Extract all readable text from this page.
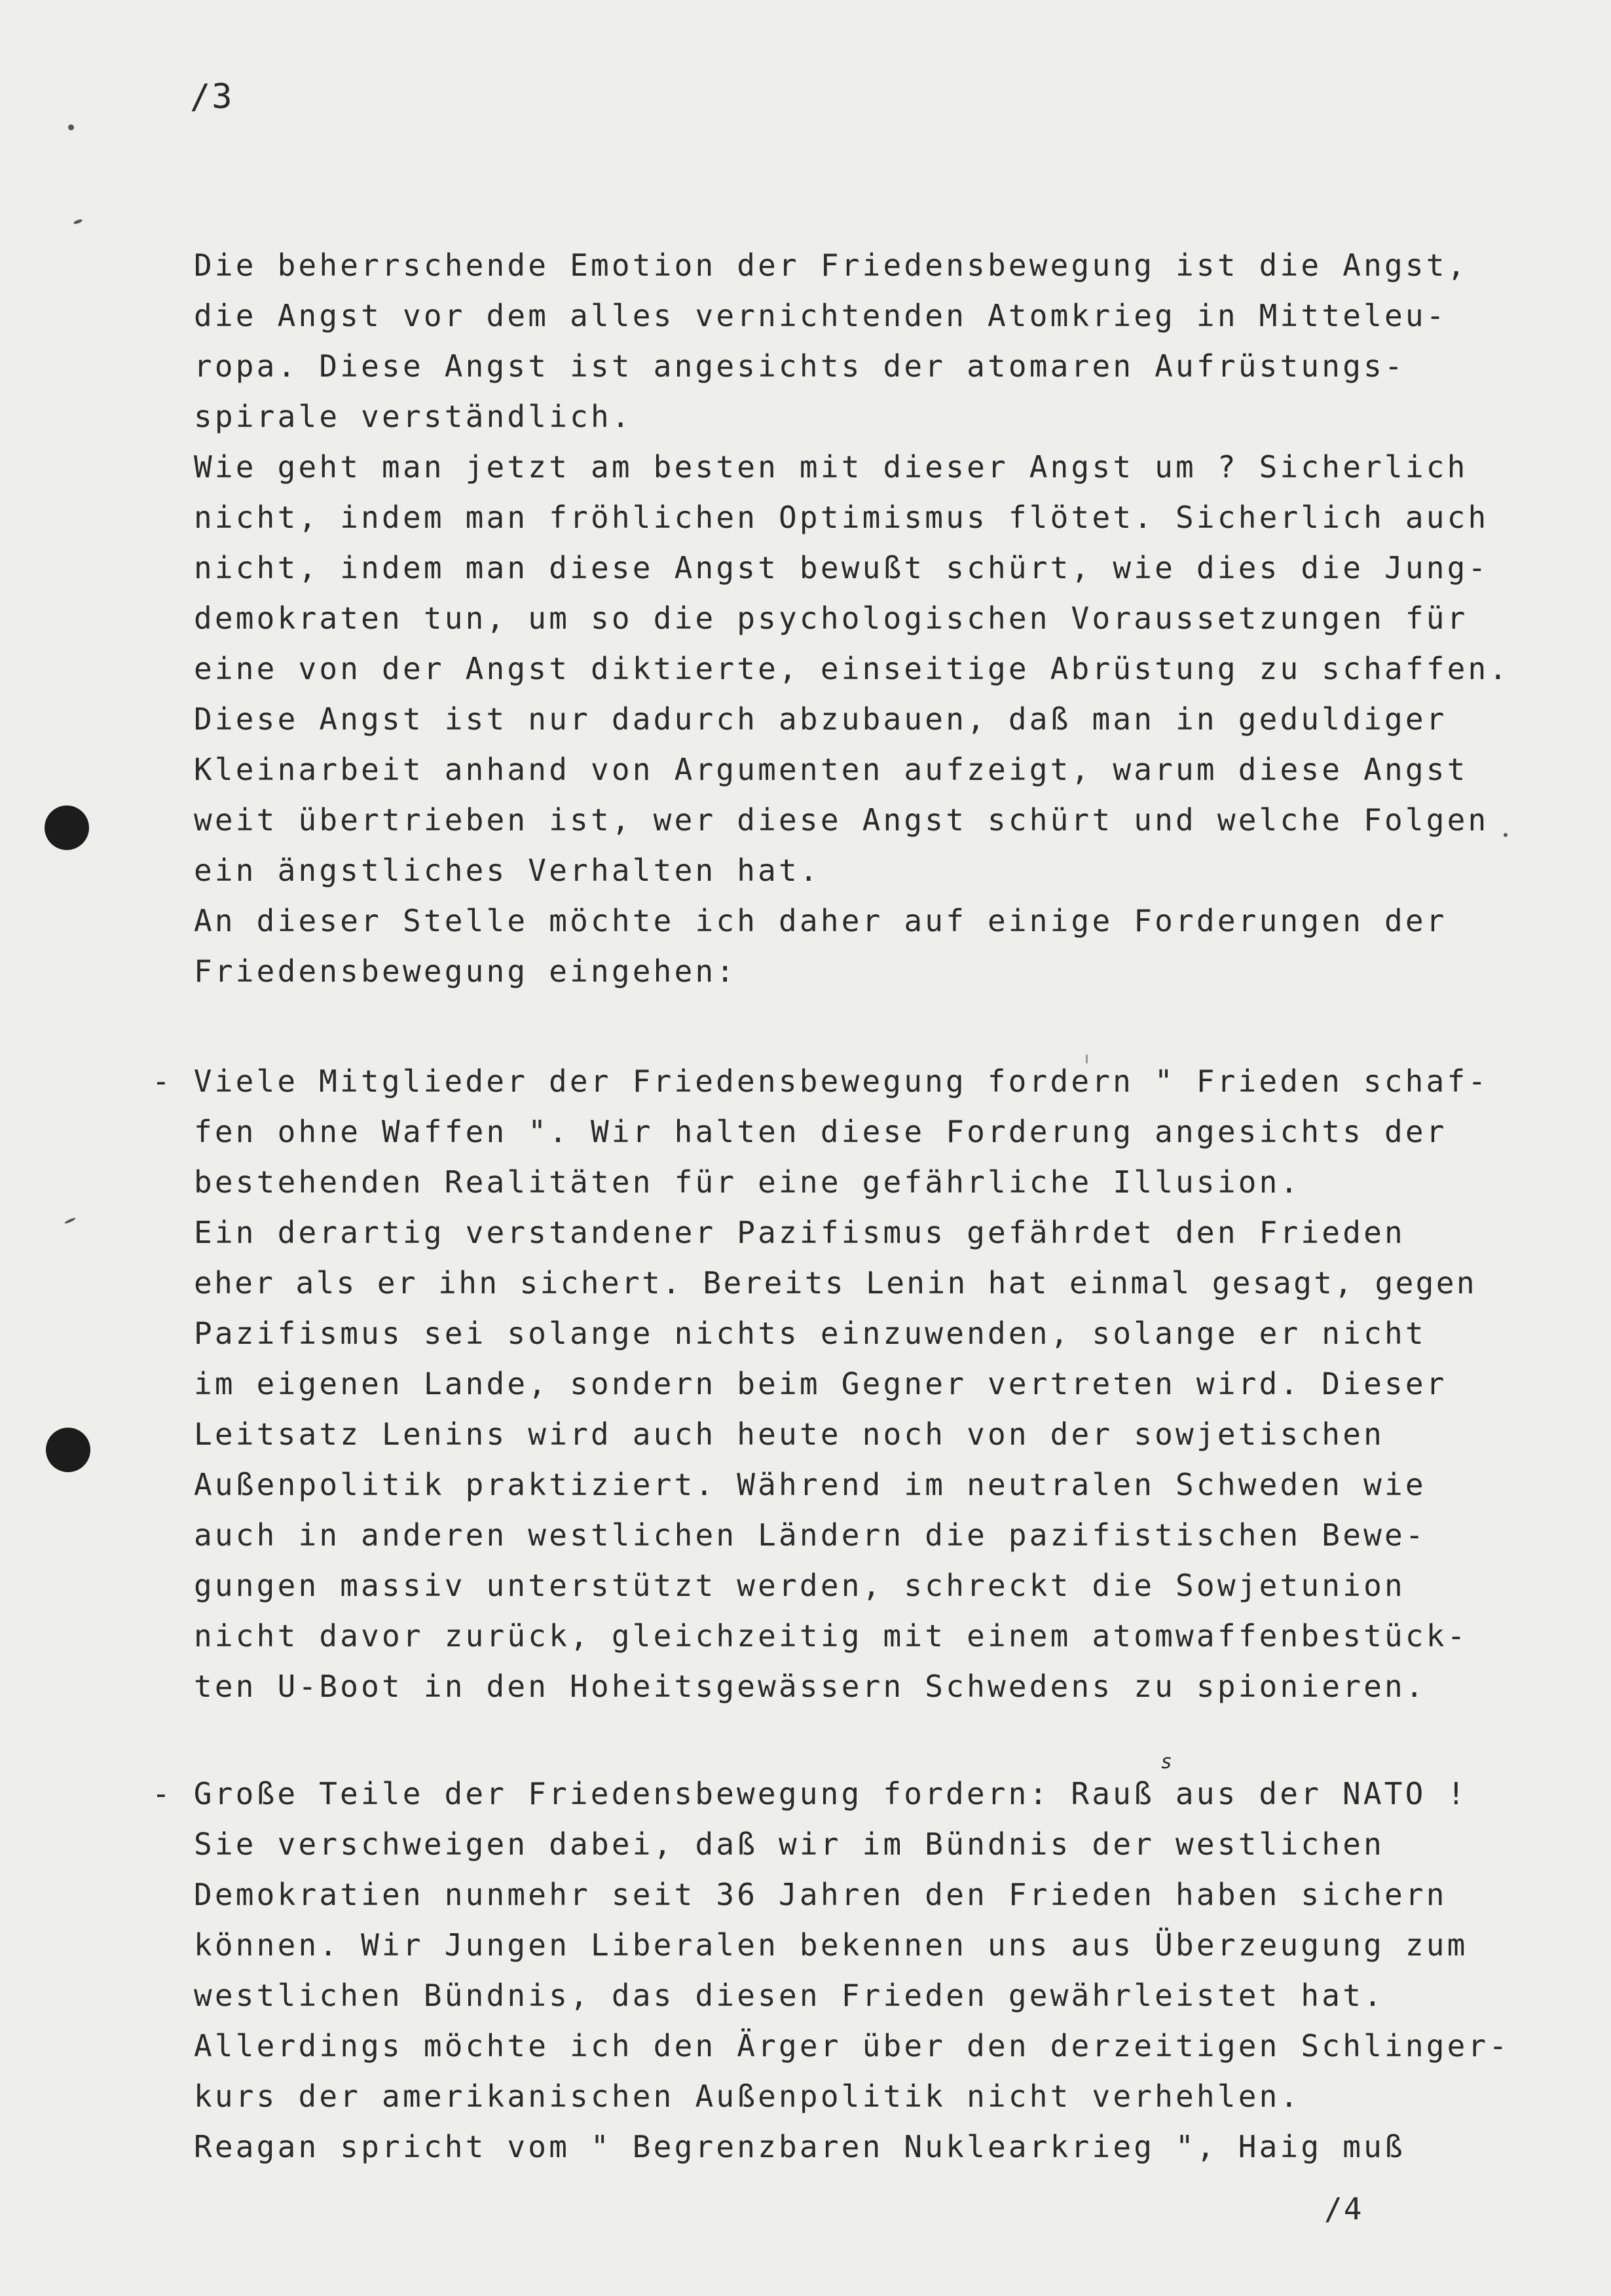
/3
Die beherrschende Emotion der Friedensbewegung ist die Angst,
die Angst vor dem alles vernichtenden Atomkrieg in Mitteleu-
ropa. Diese Angst ist angesichts der atomaren Aufrüstungs-
spirale verständlich.
Wie geht man jetzt am besten mit dieser Angst um ? Sicherlich
nicht, indem man fröhlichen Optimismus flötet. Sicherlich auch
nicht, indem man diese Angst bewußt schürt, wie dies die Jung-
demokraten tun, um so die psychologischen Voraussetzungen für
eine von der Angst diktierte, einseitige Abrüstung zu schaffen.
Diese Angst ist nur dadurch abzubauen, daß man in geduldiger
Kleinarbeit anhand von Argumenten aufzeigt, warum diese Angst
weit übertrieben ist, wer diese Angst schürt und welche Folgen
ein ängstliches Verhalten hat.
An dieser Stelle möchte ich daher auf einige Forderungen der
Friedensbewegung eingehen:
- Viele Mitglieder der Friedensbewegung fordern " Frieden schaf-
fen ohne Waffen ". Wir halten diese Forderung angesichts der
bestehenden Realitäten für eine gefährliche Illusion.
Ein derartig verstandener Pazifismus gefährdet den Frieden
eher als er ihn sichert. Bereits Lenin hat einmal gesagt, gegen
Pazifismus sei solange nichts einzuwenden, solange er nicht
im eigenen Lande, sondern beim Gegner vertreten wird. Dieser
Leitsatz Lenins wird auch heute noch von der sowjetischen
Außenpolitik praktiziert. Während im neutralen Schweden wie
auch in anderen westlichen Ländern die pazifistischen Bewe-
gungen massiv unterstützt werden, schreckt die Sowjetunion
nicht davor zurück, gleichzeitig mit einem atomwaffenbestück-
ten U-Boot in den Hoheitsgewässern Schwedens zu spionieren.
s
- Große Teile der Friedensbewegung fordern: Rauß aus der NATO !
Sie verschweigen dabei, daß wir im Bündnis der westlichen
Demokratien nunmehr seit 36 Jahren den Frieden haben sichern
können. Wir Jungen Liberalen bekennen uns aus Überzeugung zum
westlichen Bündnis, das diesen Frieden gewährleistet hat.
Allerdings möchte ich den Ärger über den derzeitigen Schlinger-
kurs der amerikanischen Außenpolitik nicht verhehlen.
Reagan spricht vom " Begrenzbaren Nuklearkrieg ", Haig muß
/4
